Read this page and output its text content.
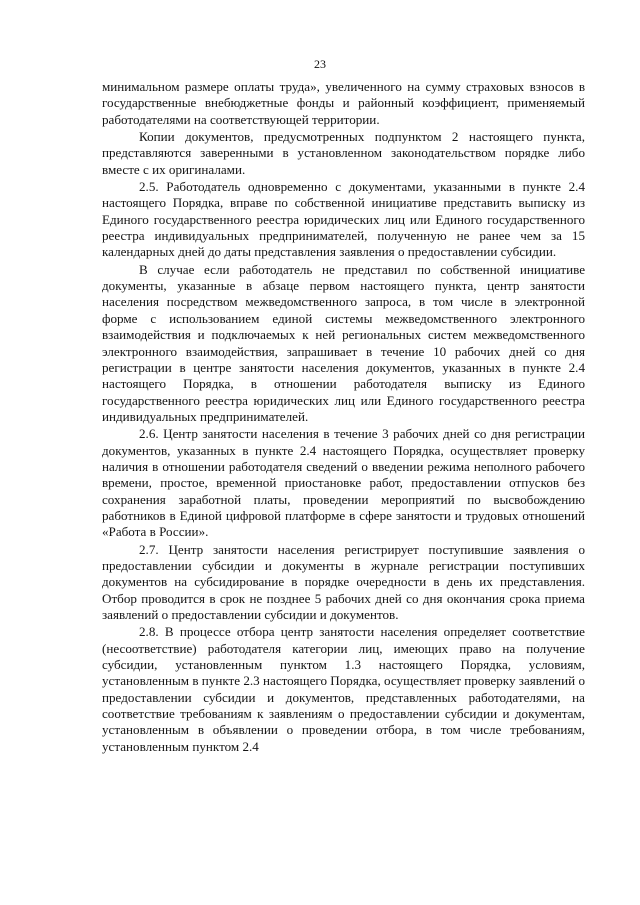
23

минимальном размере оплаты труда», увеличенного на сумму страховых взносов в государственные внебюджетные фонды и районный коэффициент, применяемый работодателями на соответствующей территории.

Копии документов, предусмотренных подпунктом 2 настоящего пункта, представляются заверенными в установленном законодательством порядке либо вместе с их оригиналами.

2.5. Работодатель одновременно с документами, указанными в пункте 2.4 настоящего Порядка, вправе по собственной инициативе представить выписку из Единого государственного реестра юридических лиц или Единого государственного реестра индивидуальных предпринимателей, полученную не ранее чем за 15 календарных дней до даты представления заявления о предоставлении субсидии.

В случае если работодатель не представил по собственной инициативе документы, указанные в абзаце первом настоящего пункта, центр занятости населения посредством межведомственного запроса, в том числе в электронной форме с использованием единой системы межведомственного электронного взаимодействия и подключаемых к ней региональных систем межведомственного электронного взаимодействия, запрашивает в течение 10 рабочих дней со дня регистрации в центре занятости населения документов, указанных в пункте 2.4 настоящего Порядка, в отношении работодателя выписку из Единого государственного реестра юридических лиц или Единого государственного реестра индивидуальных предпринимателей.

2.6. Центр занятости населения в течение 3 рабочих дней со дня регистрации документов, указанных в пункте 2.4 настоящего Порядка, осуществляет проверку наличия в отношении работодателя сведений о введении режима неполного рабочего времени, простое, временной приостановке работ, предоставлении отпусков без сохранения заработной платы, проведении мероприятий по высвобождению работников в Единой цифровой платформе в сфере занятости и трудовых отношений «Работа в России».

2.7. Центр занятости населения регистрирует поступившие заявления о предоставлении субсидии и документы в журнале регистрации поступивших документов на субсидирование в порядке очередности в день их представления. Отбор проводится в срок не позднее 5 рабочих дней со дня окончания срока приема заявлений о предоставлении субсидии и документов.

2.8. В процессе отбора центр занятости населения определяет соответствие (несоответствие) работодателя категории лиц, имеющих право на получение субсидии, установленным пунктом 1.3 настоящего Порядка, условиям, установленным в пункте 2.3 настоящего Порядка, осуществляет проверку заявлений о предоставлении субсидии и документов, представленных работодателями, на соответствие требованиям к заявлениям о предоставлении субсидии и документам, установленным в объявлении о проведении отбора, в том числе требованиям, установленным пунктом 2.4
